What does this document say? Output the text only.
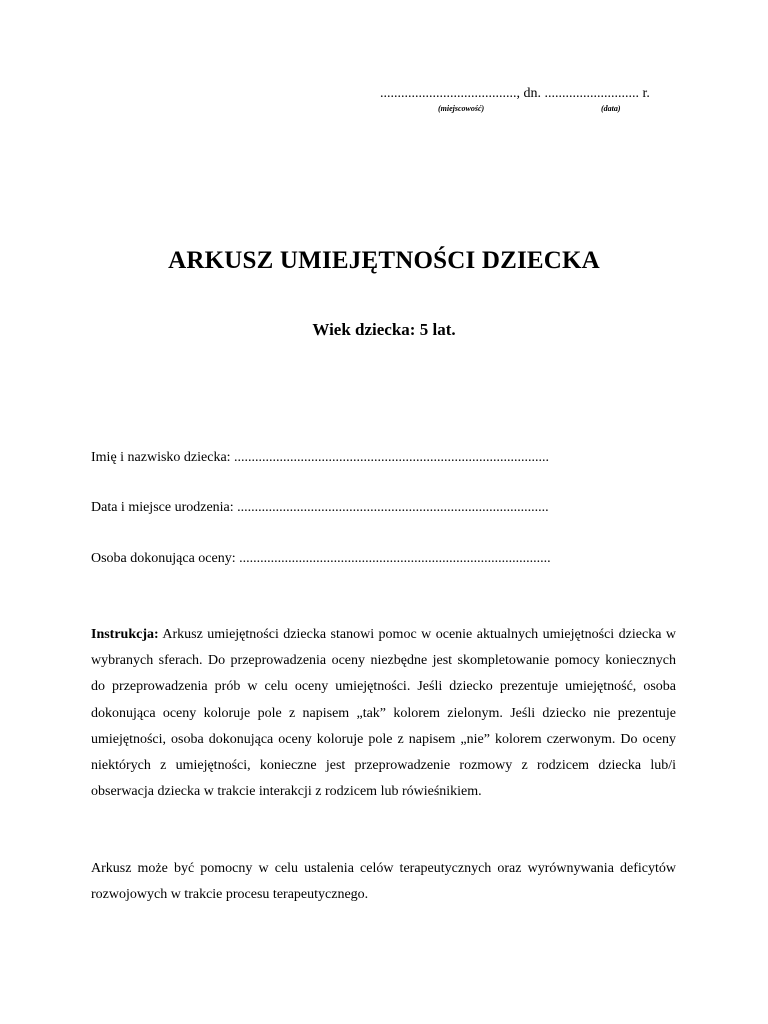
......................................., dn. ........................... r.
(miejscowość)	(data)
ARKUSZ UMIEJĘTNOŚCI DZIECKA
Wiek dziecka: 5 lat.
Imię i nazwisko dziecka: ..........................................................................................
Data i miejsce urodzenia: .........................................................................................
Osoba dokonująca oceny: .........................................................................................
Instrukcja: Arkusz umiejętności dziecka stanowi pomoc w ocenie aktualnych umiejętności dziecka w wybranych sferach. Do przeprowadzenia oceny niezbędne jest skompletowanie pomocy koniecznych do przeprowadzenia prób w celu oceny umiejętności. Jeśli dziecko prezentuje umiejętność, osoba dokonująca oceny koloruje pole z napisem „tak” kolorem zielonym. Jeśli dziecko nie prezentuje umiejętności, osoba dokonująca oceny koloruje pole z napisem „nie” kolorem czerwonym. Do oceny niektórych z umiejętności, konieczne jest przeprowadzenie rozmowy z rodzicem dziecka lub/i obserwacja dziecka w trakcie interakcji z rodzicem lub rówieśnikiem.
Arkusz może być pomocny w celu ustalenia celów terapeutycznych oraz wyrównywania deficytów rozwojowych w trakcie procesu terapeutycznego.
